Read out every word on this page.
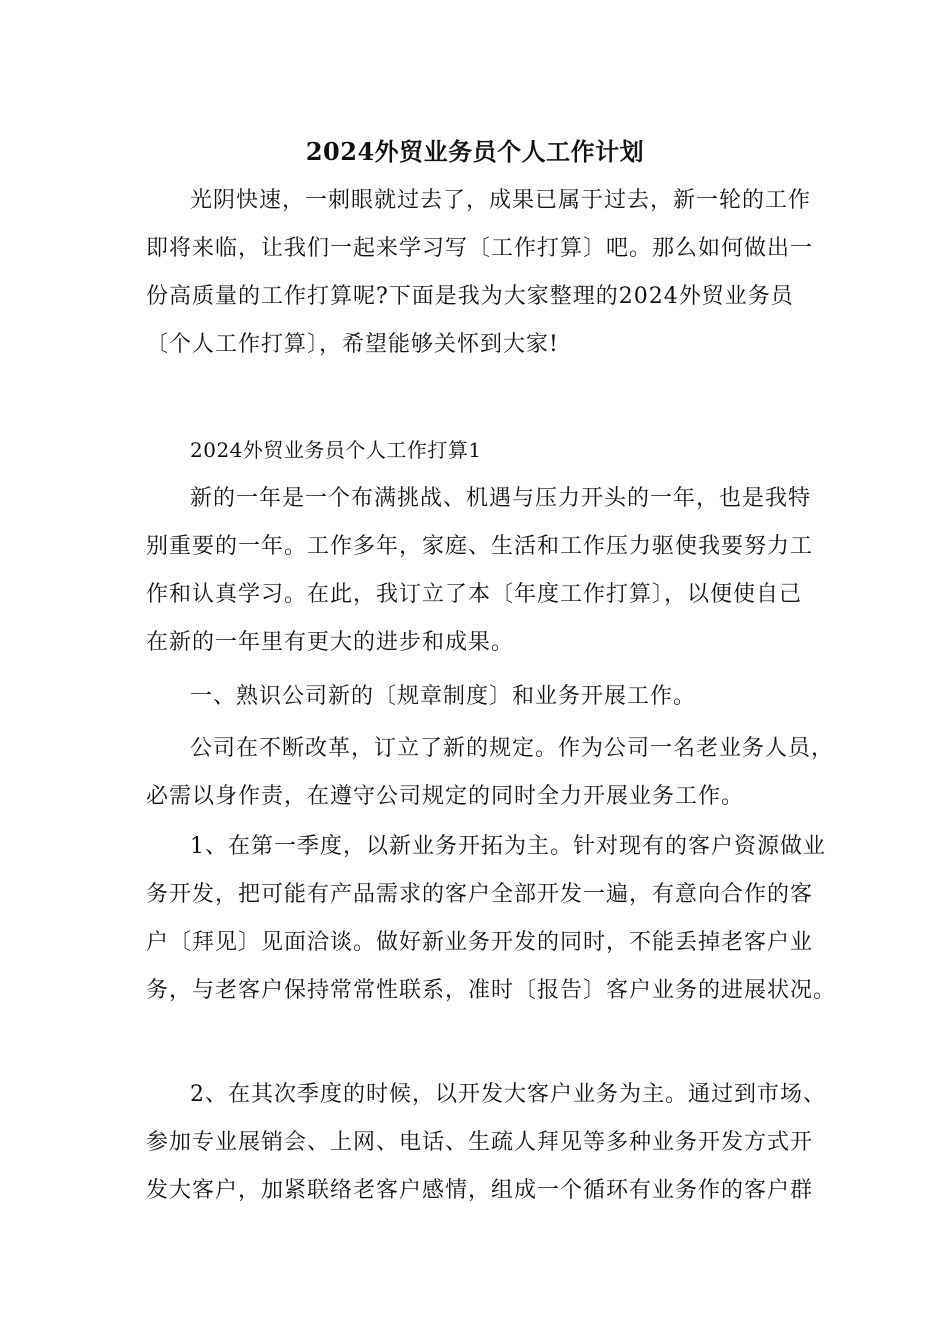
2024外贸业务员个人工作计划
光阴快速，一刺眼就过去了，成果已属于过去，新一轮的工作
即将来临，让我们一起来学习写〔工作打算〕吧。那么如何做出一
份高质量的工作打算呢?下面是我为大家整理的2024外贸业务员
〔个人工作打算〕，希望能够关怀到大家!
2024外贸业务员个人工作打算1
新的一年是一个布满挑战、机遇与压力开头的一年，也是我特
别重要的一年。工作多年，家庭、生活和工作压力驱使我要努力工
作和认真学习。在此，我订立了本〔年度工作打算〕，以便使自己
在新的一年里有更大的进步和成果。
一、熟识公司新的〔规章制度〕和业务开展工作。
公司在不断改革，订立了新的规定。作为公司一名老业务人员，
必需以身作责，在遵守公司规定的同时全力开展业务工作。
1、在第一季度，以新业务开拓为主。针对现有的客户资源做业
务开发，把可能有产品需求的客户全部开发一遍，有意向合作的客
户〔拜见〕见面洽谈。做好新业务开发的同时，不能丢掉老客户业
务，与老客户保持常常性联系，准时〔报告〕客户业务的进展状况。
2、在其次季度的时候，以开发大客户业务为主。通过到市场、
参加专业展销会、上网、电话、生疏人拜见等多种业务开发方式开
发大客户，加紧联络老客户感情，组成一个循环有业务作的客户群
